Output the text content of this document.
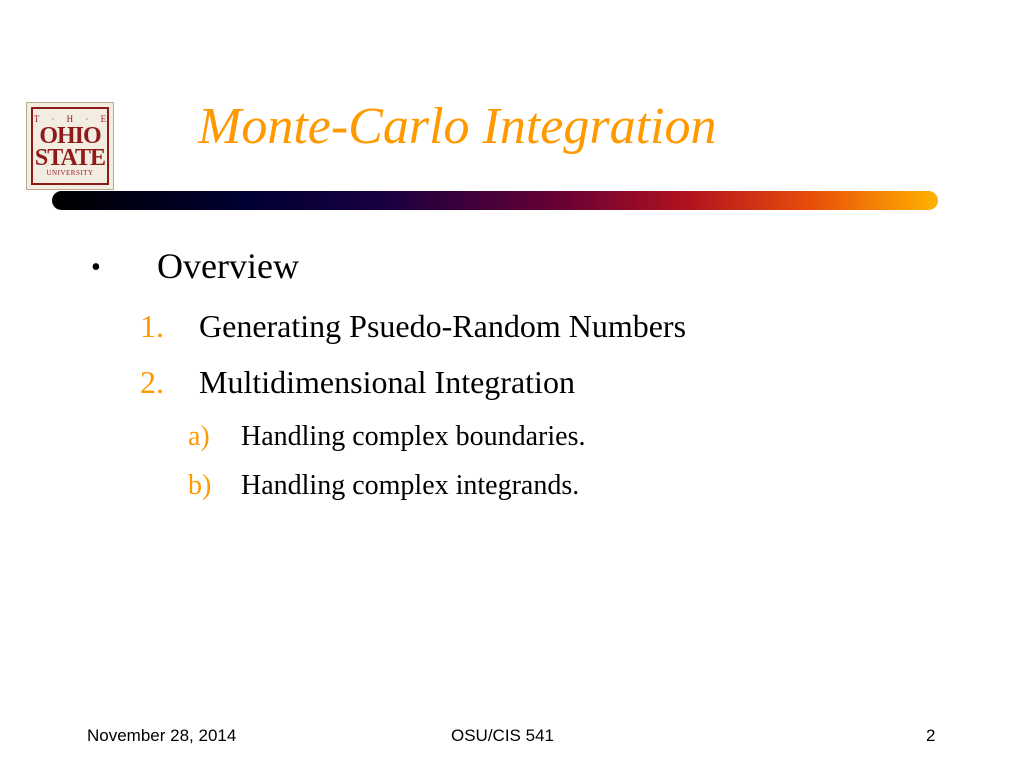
T · H · E
OHIO
STATE
UNIVERSITY
Monte-Carlo Integration
• Overview
1. Generating Psuedo-Random Numbers
2. Multidimensional Integration
a) Handling complex boundaries.
b) Handling complex integrands.
November 28, 2014	OSU/CIS 541	2
